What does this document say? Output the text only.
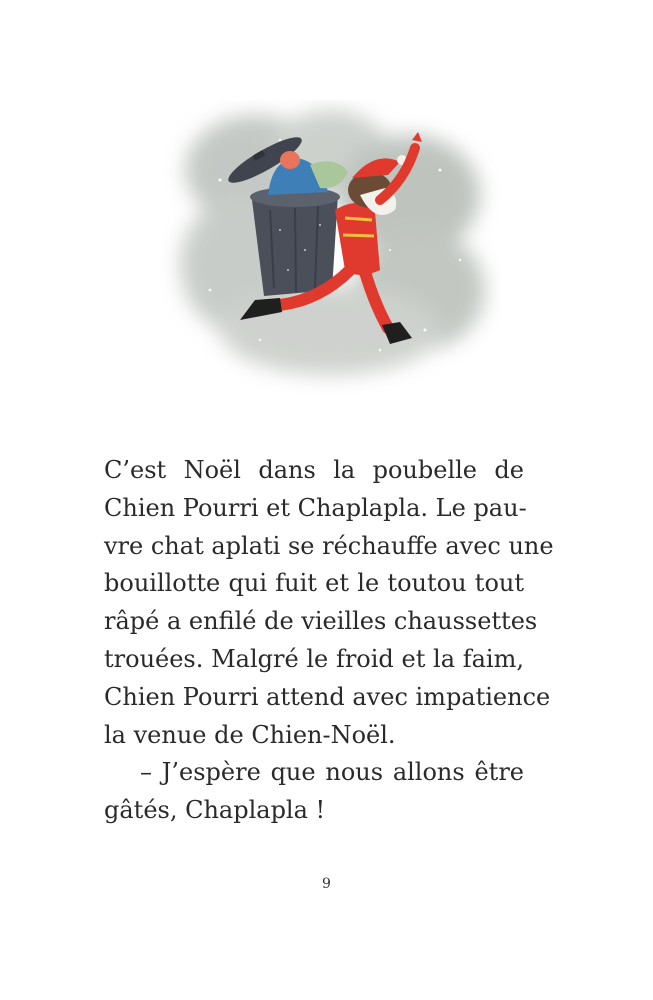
C’est Noël dans la poubelle de
Chien Pourri et Chaplapla. Le pau-
vre chat aplati se réchauffe avec une
bouillotte qui fuit et le toutou tout
râpé a enfilé de vieilles chaussettes
trouées. Malgré le froid et la faim,
Chien Pourri attend avec impatience
la venue de Chien-Noël.
– J’espère que nous allons être
gâtés, Chaplapla !
9
